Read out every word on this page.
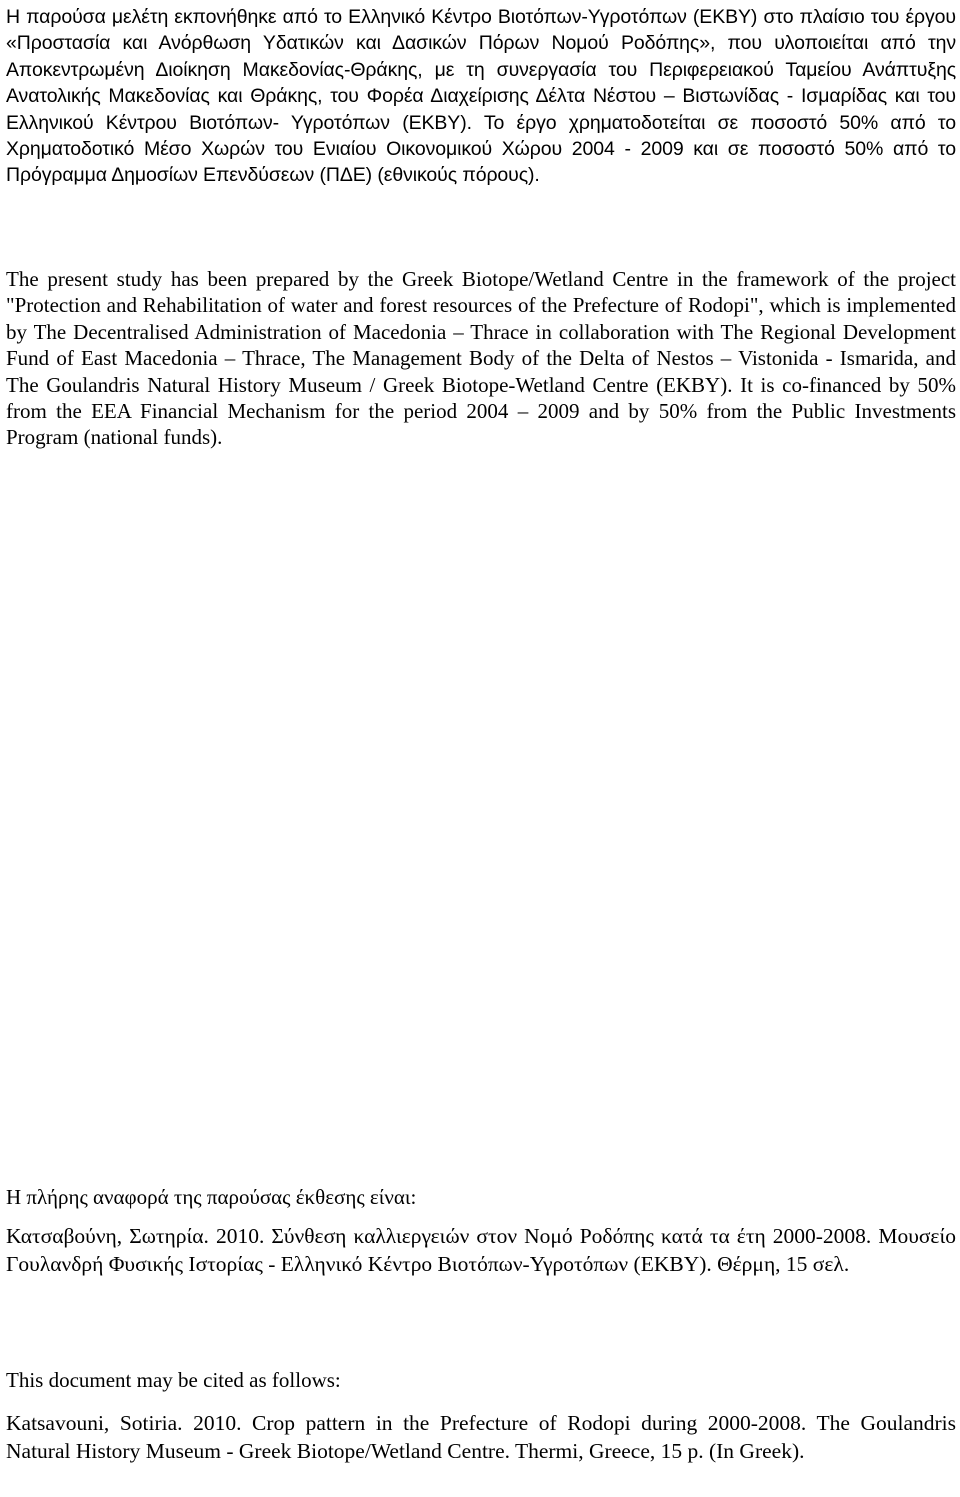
Η παρούσα μελέτη εκπονήθηκε από το Ελληνικό Κέντρο Βιοτόπων-Υγροτόπων (ΕΚΒΥ) στο πλαίσιο του έργου «Προστασία και Ανόρθωση Υδατικών και Δασικών Πόρων Νομού Ροδόπης», που υλοποιείται από την Αποκεντρωμένη Διοίκηση Μακεδονίας-Θράκης, με τη συνεργασία του Περιφερειακού Ταμείου Ανάπτυξης Ανατολικής Μακεδονίας και Θράκης, του Φορέα Διαχείρισης Δέλτα Νέστου – Βιστωνίδας - Ισμαρίδας και του Ελληνικού Κέντρου Βιοτόπων- Υγροτόπων (ΕΚΒΥ). Το έργο χρηματοδοτείται σε ποσοστό 50% από το Χρηματοδοτικό Μέσο Χωρών του Ενιαίου Οικονομικού Χώρου 2004 - 2009 και σε ποσοστό 50% από το Πρόγραμμα Δημοσίων Επενδύσεων (ΠΔΕ) (εθνικούς πόρους).

The present study has been prepared by the Greek Biotope/Wetland Centre in the framework of the project "Protection and Rehabilitation of water and forest resources of the Prefecture of Rodopi", which is implemented by The Decentralised Administration of Macedonia – Thrace in collaboration with The Regional Development Fund of East Macedonia – Thrace, The Management Body of the Delta of Nestos – Vistonida - Ismarida, and The Goulandris Natural History Museum / Greek Biotope-Wetland Centre (EKBY). It is co-financed by 50% from the EEA Financial Mechanism for the period 2004 – 2009 and by 50% from the Public Investments Program (national funds).

Η πλήρης αναφορά της παρούσας έκθεσης είναι:

Κατσαβούνη, Σωτηρία. 2010. Σύνθεση καλλιεργειών στον Νομό Ροδόπης κατά τα έτη 2000-2008. Μουσείο Γουλανδρή Φυσικής Ιστορίας - Ελληνικό Κέντρο Βιοτόπων-Υγροτόπων (ΕΚΒΥ). Θέρμη, 15 σελ.

This document may be cited as follows:

Katsavouni, Sotiria. 2010. Crop pattern in the Prefecture of Rodopi during 2000-2008. The Goulandris Natural History Museum - Greek Biotope/Wetland Centre. Thermi, Greece, 15 p. (In Greek).
